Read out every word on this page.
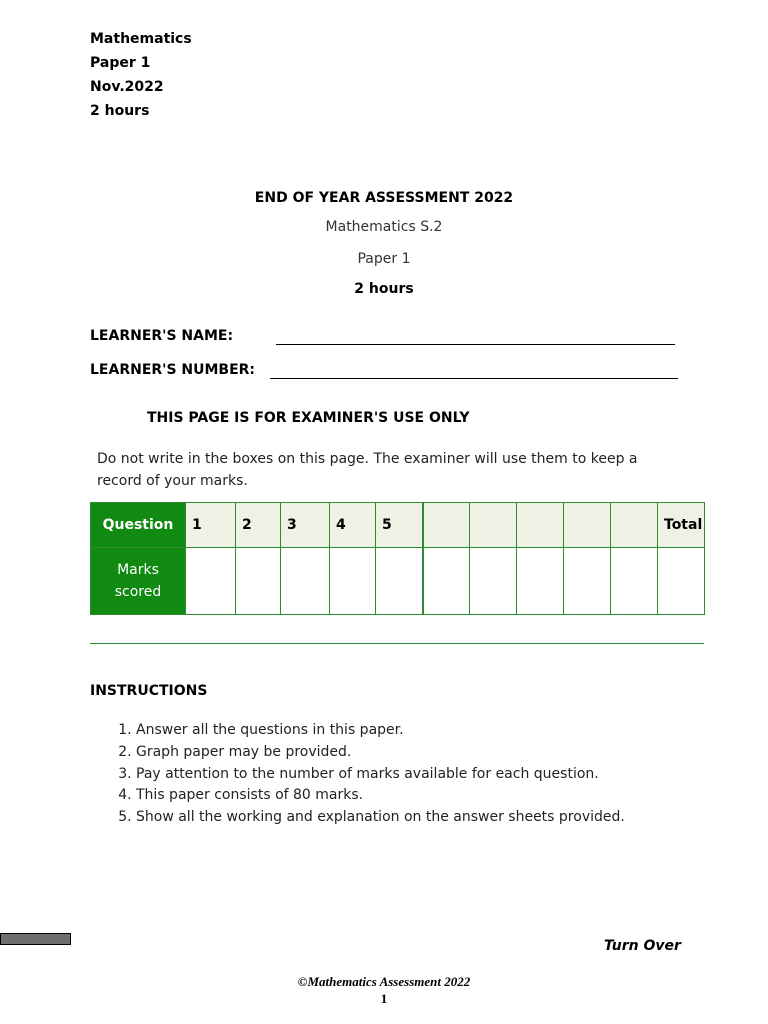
Mathematics
Paper 1
Nov.2022
2 hours
END OF YEAR ASSESSMENT 2022
Mathematics S.2
Paper 1
2 hours
LEARNER'S NAME:
LEARNER'S NUMBER:
THIS PAGE IS FOR EXAMINER'S USE ONLY
Do not write in the boxes on this page. The examiner will use them to keep a record of your marks.
Question	1	2	3	4	5						Total
Marks scored											
INSTRUCTIONS
1. Answer all the questions in this paper.
2. Graph paper may be provided.
3. Pay attention to the number of marks available for each question.
4. This paper consists of 80 marks.
5. Show all the working and explanation on the answer sheets provided.
Turn Over
©Mathematics Assessment 2022
1
